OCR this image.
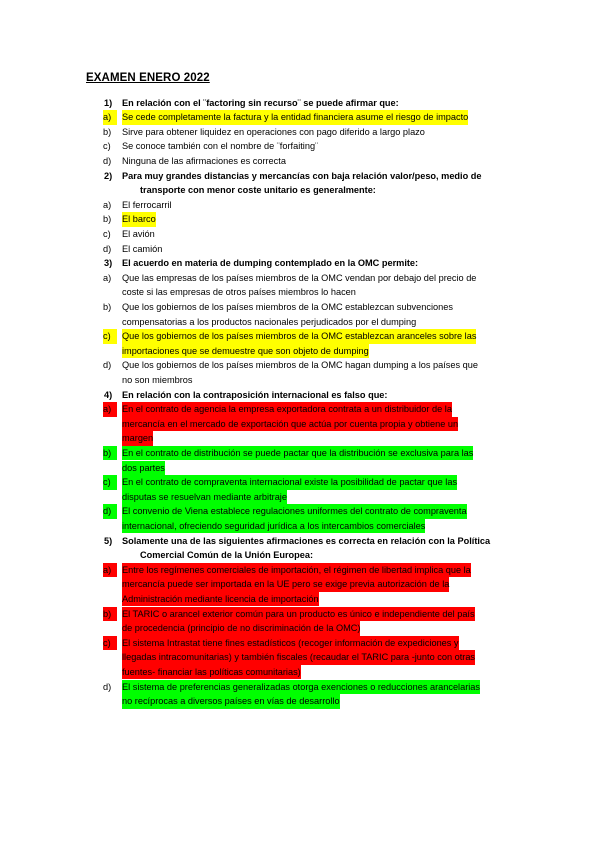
EXAMEN ENERO 2022
1)	En relación con el ¨factoring sin recurso¨ se puede afirmar que:
a)	Se cede completamente la factura y la entidad financiera asume el riesgo de impacto
b)	Sirve para obtener liquidez en operaciones con pago diferido a largo plazo
c)	Se conoce también con el nombre de ¨forfaiting¨
d)	Ninguna de las afirmaciones es correcta
2)	Para muy grandes distancias y mercancías con baja relación valor/peso, medio de
transporte con menor coste unitario es generalmente:
a)	El ferrocarril
b)	El barco
c)	El avión
d)	El camión
3)	El acuerdo en materia de dumping contemplado en la OMC permite:
a)	Que las empresas de los países miembros de la OMC vendan por debajo del precio de
coste si las empresas de otros países miembros lo hacen
b)	Que los gobiernos de los países miembros de la OMC establezcan subvenciones
compensatorias a los productos nacionales perjudicados por el dumping
c)	Que los gobiernos de los países miembros de la OMC establezcan aranceles sobre las
importaciones que se demuestre que son objeto de dumping
d)	Que los gobiernos de los países miembros de la OMC hagan dumping a los países que
no son miembros
4)	En relación con la contraposición internacional es falso que:
a)	En el contrato de agencia la empresa exportadora contrata a un distribuidor de la
mercancía en el mercado de exportación que actúa por cuenta propia y obtiene un
margen
b)	En el contrato de distribución se puede pactar que la distribución se exclusiva para las
dos partes
c)	En el contrato de compraventa internacional existe la posibilidad de pactar que las
disputas se resuelvan mediante arbitraje
d)	El convenio de Viena establece regulaciones uniformes del contrato de compraventa
internacional, ofreciendo seguridad jurídica a los intercambios comerciales
5)	Solamente una de las siguientes afirmaciones es correcta en relación con la Política
Comercial Común de la Unión Europea:
a)	Entre los regímenes comerciales de importación, el régimen de libertad implica que la
mercancía puede ser importada en la UE pero se exige previa autorización de la
Administración mediante licencia de importación
b)	El TARIC o arancel exterior común para un producto es único e independiente del país
de procedencia (principio de no discriminación de la OMC)
c)	El sistema Intrastat tiene fines estadísticos (recoger información de expediciones y
llegadas intracomunitarias) y también fiscales (recaudar el TARIC para -junto con otras
fuentes- financiar las políticas comunitarias)
d)	El sistema de preferencias generalizadas otorga exenciones o reducciones arancelarias
no recíprocas a diversos países en vías de desarrollo
